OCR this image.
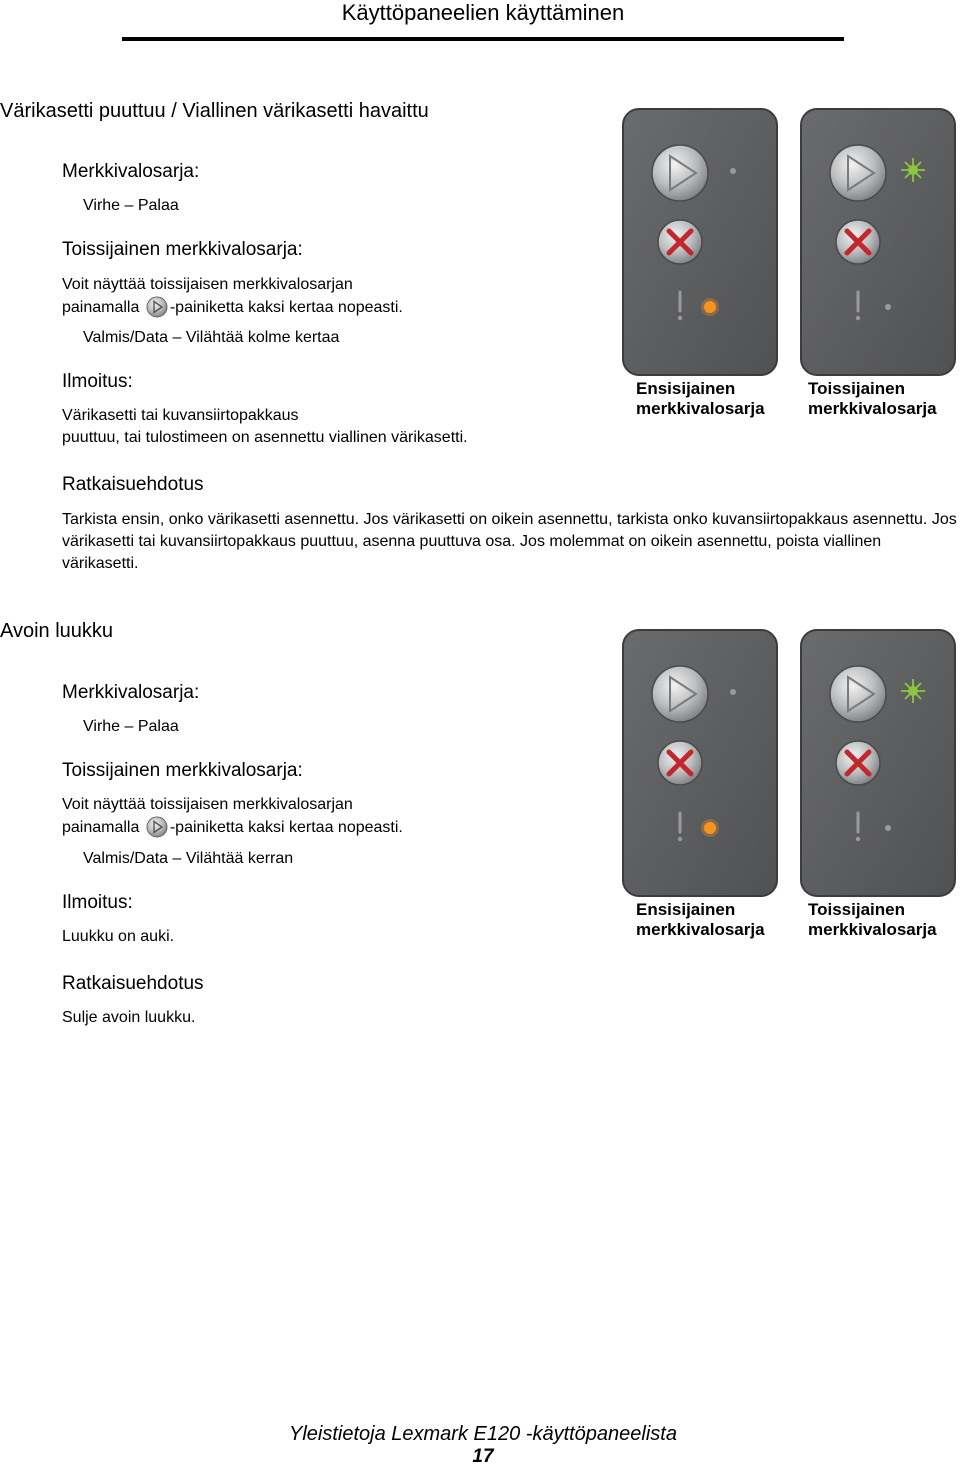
Käyttöpaneelien käyttäminen
Värikasetti puuttuu / Viallinen värikasetti havaittu
Merkkivalosarja:
Virhe – Palaa
Toissijainen merkkivalosarja:
Voit näyttää toissijaisen merkkivalosarjan
painamalla -painiketta kaksi kertaa nopeasti.
Valmis/Data – Vilähtää kolme kertaa
Ilmoitus:
Värikasetti tai kuvansiirtopakkaus
puuttuu, tai tulostimeen on asennettu viallinen värikasetti.
Ratkaisuehdotus
Tarkista ensin, onko värikasetti asennettu. Jos värikasetti on oikein asennettu, tarkista onko kuvansiirtopakkaus asennettu. Jos värikasetti tai kuvansiirtopakkaus puuttuu, asenna puuttuva osa. Jos molemmat on oikein asennettu, poista viallinen värikasetti.
Ensisijainen merkkivalosarja
Toissijainen merkkivalosarja
Avoin luukku
Merkkivalosarja:
Virhe – Palaa
Toissijainen merkkivalosarja:
Voit näyttää toissijaisen merkkivalosarjan
painamalla -painiketta kaksi kertaa nopeasti.
Valmis/Data – Vilähtää kerran
Ilmoitus:
Luukku on auki.
Ratkaisuehdotus
Sulje avoin luukku.
Ensisijainen merkkivalosarja
Toissijainen merkkivalosarja
Yleistietoja Lexmark E120 -käyttöpaneelista
17
